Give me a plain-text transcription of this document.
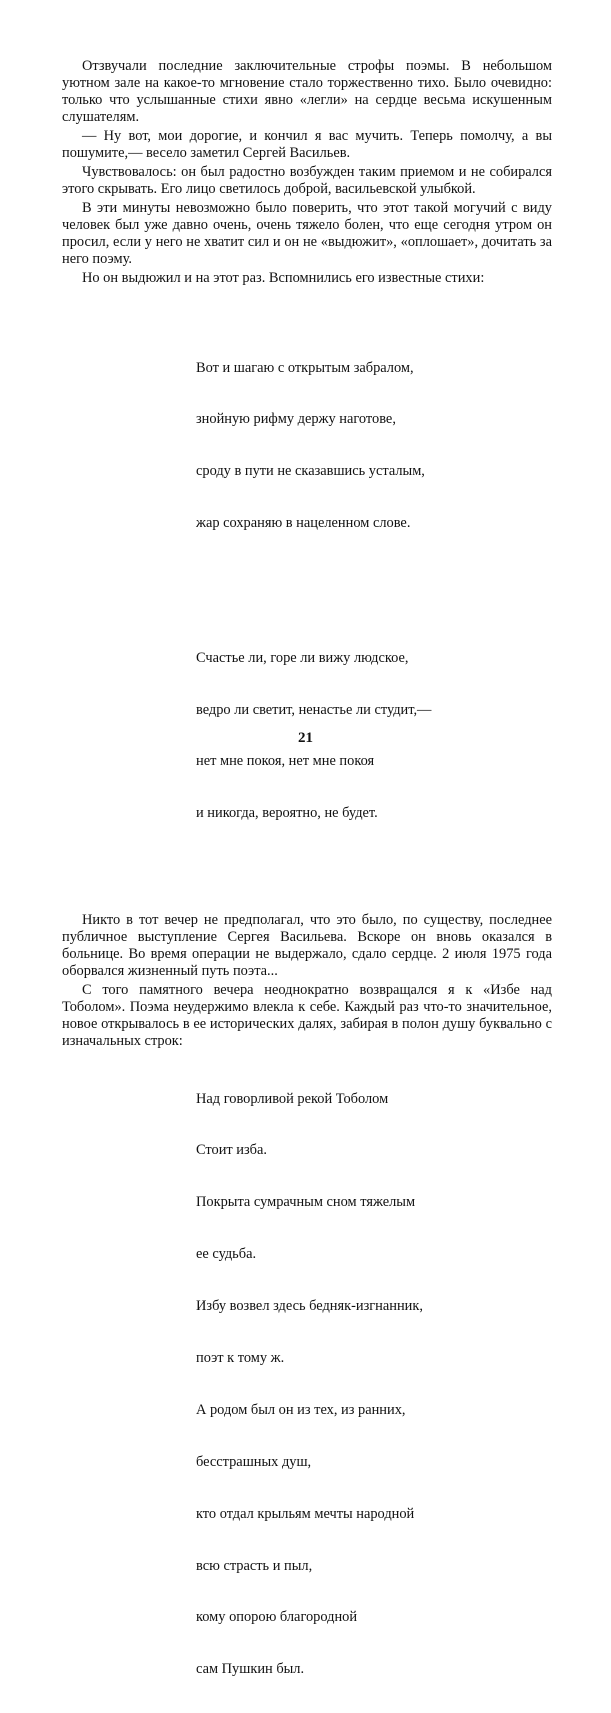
Отзвучали последние заключительные строфы поэмы. В небольшом уютном зале на какое-то мгновение стало торжественно тихо. Было очевидно: только что услышанные стихи явно «легли» на сердце весьма искушенным слушателям.

— Ну вот, мои дорогие, и кончил я вас мучить. Теперь помолчу, а вы пошумите,— весело заметил Сергей Васильев.

Чувствовалось: он был радостно возбужден таким приемом и не собирался этого скрывать. Его лицо светилось доброй, васильевской улыбкой.

В эти минуты невозможно было поверить, что этот такой могучий с виду человек был уже давно очень, очень тяжело болен, что еще сегодня утром он просил, если у него не хватит сил и он не «выдюжит», «оплошает», дочитать за него поэму.

Но он выдюжил и на этот раз. Вспомнились его известные стихи:

Вот и шагаю с открытым забралом,

знойную рифму держу наготове,

сроду в пути не сказавшись усталым,

жар сохраняю в нацеленном слове.

Счастье ли, горе ли вижу людское,

ведро ли светит, ненастье ли студит,—

нет мне покоя, нет мне покоя

и никогда, вероятно, не будет.

Никто в тот вечер не предполагал, что это было, по существу, последнее публичное выступление Сергея Васильева. Вскоре он вновь оказался в больнице. Во время операции не выдержало, сдало сердце. 2 июля 1975 года оборвался жизненный путь поэта...

С того памятного вечера неоднократно возвращался я к «Избе над Тоболом». Поэма неудержимо влекла к себе. Каждый раз что-то значительное, новое открывалось в ее исторических далях, забирая в полон душу буквально с изначальных строк:

Над говорливой рекой Тоболом

Стоит изба.

Покрыта сумрачным сном тяжелым

ее судьба.

Избу возвел здесь бедняк-изгнанник,

поэт к тому ж.

А родом был он из тех, из ранних,

бесстрашных душ,

кто отдал крыльям мечты народной

всю страсть и пыл,

кому опорою благородной

сам Пушкин был.

21
